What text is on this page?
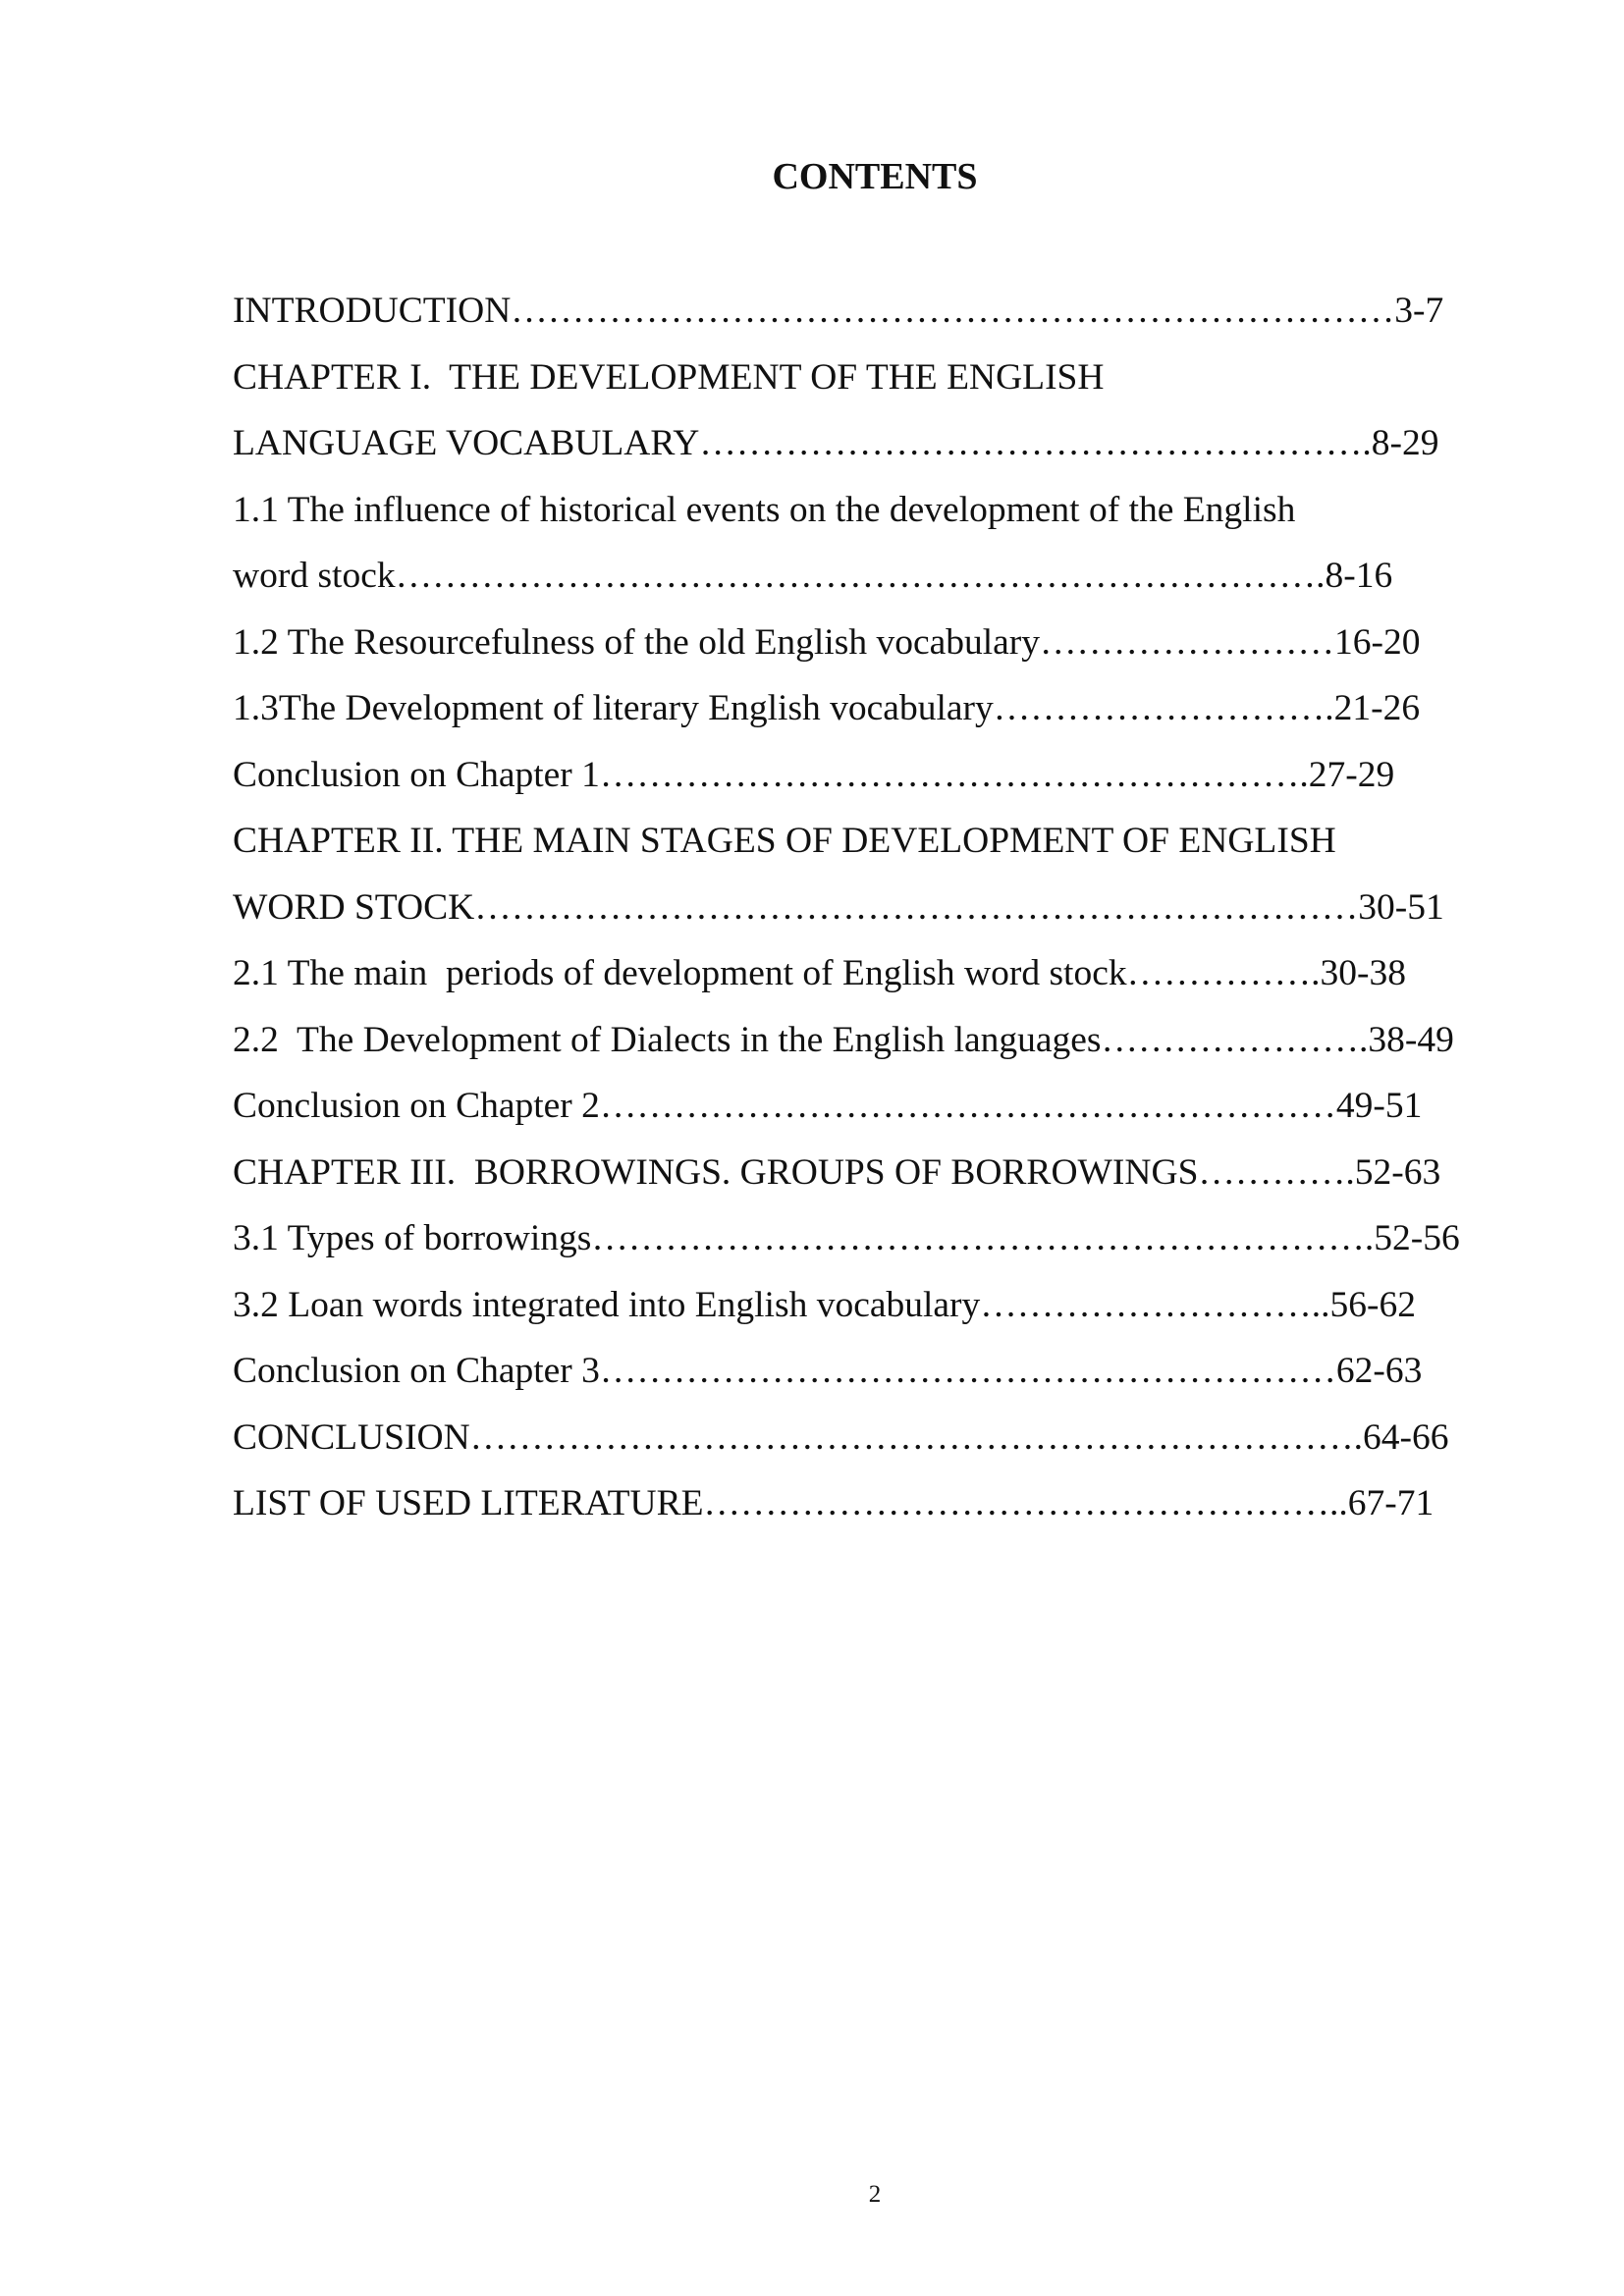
CONTENTS
INTRODUCTION………………………………………………………………3-7
CHAPTER I.  THE DEVELOPMENT OF THE ENGLISH
LANGUAGE VOCABULARY……………………………………………….8-29
1.1 The influence of historical events on the development of the English
word stock………………………………………………………………….8-16
1.2 The Resourcefulness of the old English vocabulary……………………16-20
1.3The Development of literary English vocabulary……………………….21-26
Conclusion on Chapter 1………………………………………………….27-29
CHAPTER II. THE MAIN STAGES OF DEVELOPMENT OF ENGLISH
WORD STOCK………………………………………………………………30-51
2.1 The main  periods of development of English word stock…………….30-38
2.2  The Development of Dialects in the English languages………………….38-49
Conclusion on Chapter 2……………………………………………………49-51
CHAPTER III.  BORROWINGS. GROUPS OF BORROWINGS………….52-63
3.1 Types of borrowings……………………………………………………….52-56
3.2 Loan words integrated into English vocabulary………………………..56-62
Conclusion on Chapter 3……………………………………………………62-63
CONCLUSION……………………………………………………………….64-66
LIST OF USED LITERATURE……………………………………………..67-71
2
